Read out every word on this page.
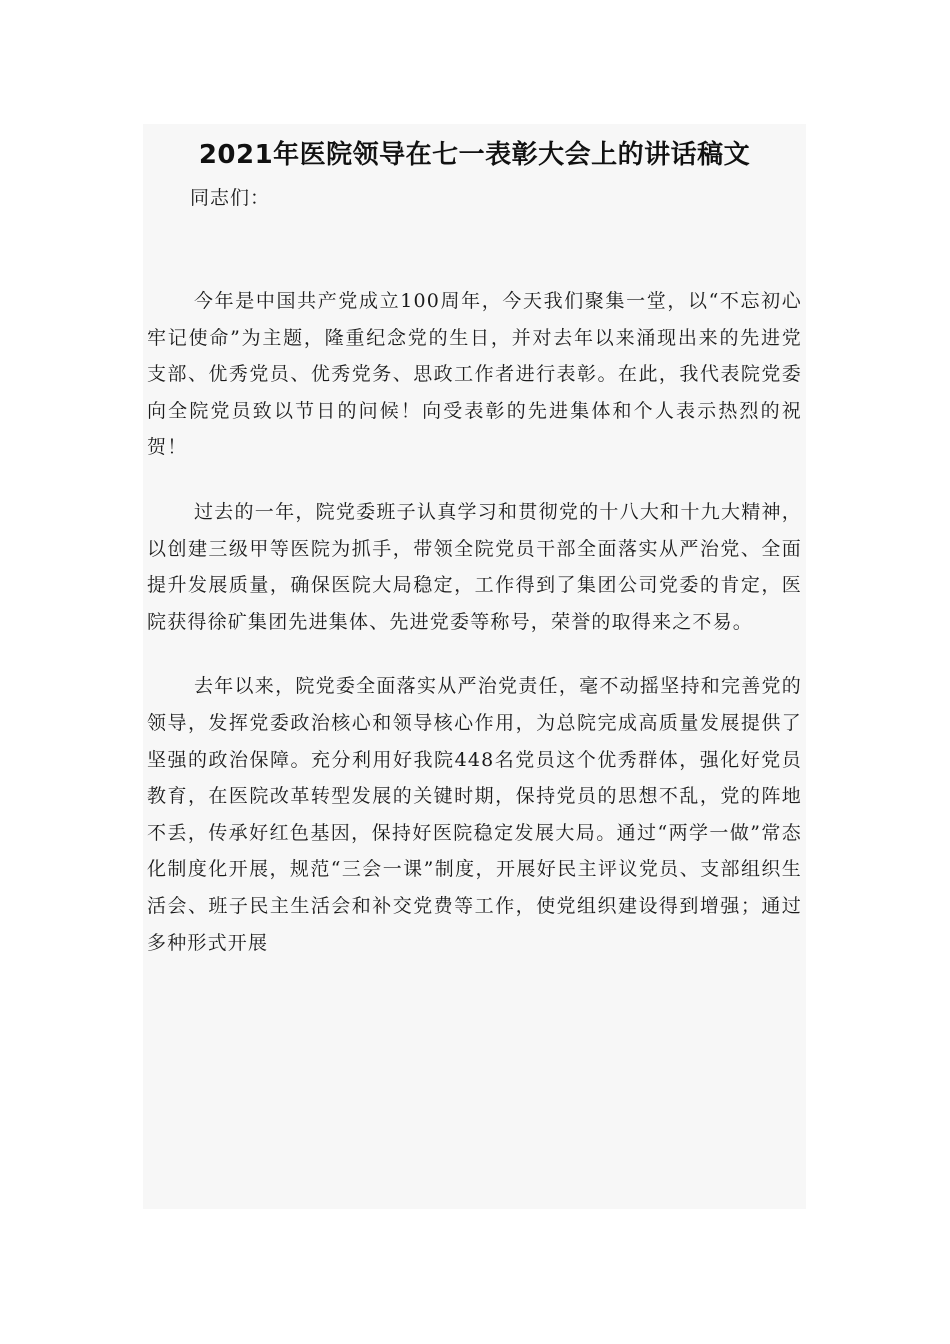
2021年医院领导在七一表彰大会上的讲话稿文

同志们：

今年是中国共产党成立100周年，今天我们聚集一堂，以“不忘初心 牢记使命”为主题，隆重纪念党的生日，并对去年以来涌现出来的先进党支部、优秀党员、优秀党务、思政工作者进行表彰。在此，我代表院党委向全院党员致以节日的问候！向受表彰的先进集体和个人表示热烈的祝贺！

过去的一年，院党委班子认真学习和贯彻党的十八大和十九大精神，以创建三级甲等医院为抓手，带领全院党员干部全面落实从严治党、全面提升发展质量，确保医院大局稳定，工作得到了集团公司党委的肯定，医院获得徐矿集团先进集体、先进党委等称号，荣誉的取得来之不易。

去年以来，院党委全面落实从严治党责任，毫不动摇坚持和完善党的领导，发挥党委政治核心和领导核心作用，为总院完成高质量发展提供了坚强的政治保障。充分利用好我院448名党员这个优秀群体，强化好党员教育，在医院改革转型发展的关键时期，保持党员的思想不乱，党的阵地不丢，传承好红色基因，保持好医院稳定发展大局。通过“两学一做”常态化制度化开展，规范“三会一课”制度，开展好民主评议党员、支部组织生活会、班子民主生活会和补交党费等工作，使党组织建设得到增强；通过多种形式开展
